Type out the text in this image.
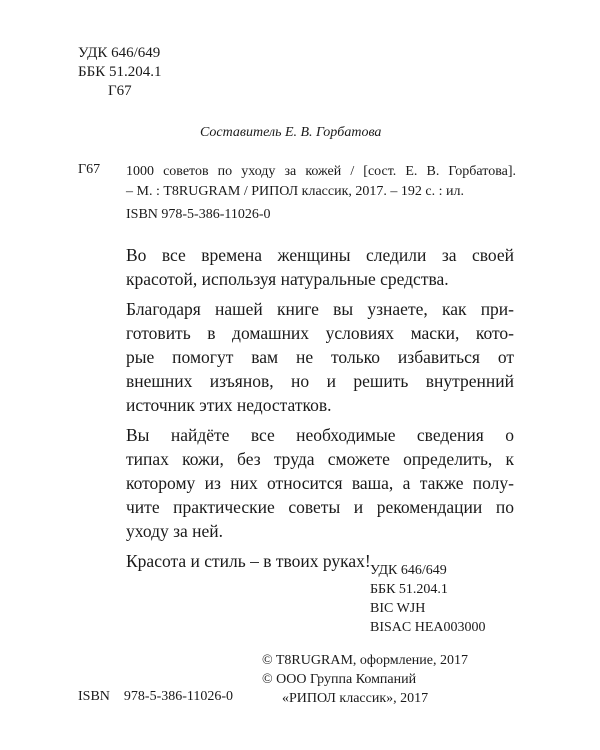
УДК 646/649
ББК 51.204.1
Г67
Составитель Е. В. Горбатова
Г67 1000 советов по уходу за кожей / [сост. Е. В. Горбатова].
– М. : T8RUGRAM / РИПОЛ классик, 2017. – 192 с. : ил.
ISBN 978-5-386-11026-0
Во все времена женщины следили за своей
красотой, используя натуральные средства.
Благодаря нашей книге вы узнаете, как при-
готовить в домашних условиях маски, кото-
рые помогут вам не только избавиться от
внешних изъянов, но и решить внутренний
источник этих недостатков.
Вы найдёте все необходимые сведения о
типах кожи, без труда сможете определить, к
которому из них относится ваша, а также полу-
чите практические советы и рекомендации по
уходу за ней.
Красота и стиль – в твоих руках! УДК 646/649
ББК 51.204.1
BIC WJH
BISAC HEA003000
© T8RUGRAM, оформление, 2017
© ООО Группа Компаний
«РИПОЛ классик», 2017
ISBN 978-5-386-11026-0
